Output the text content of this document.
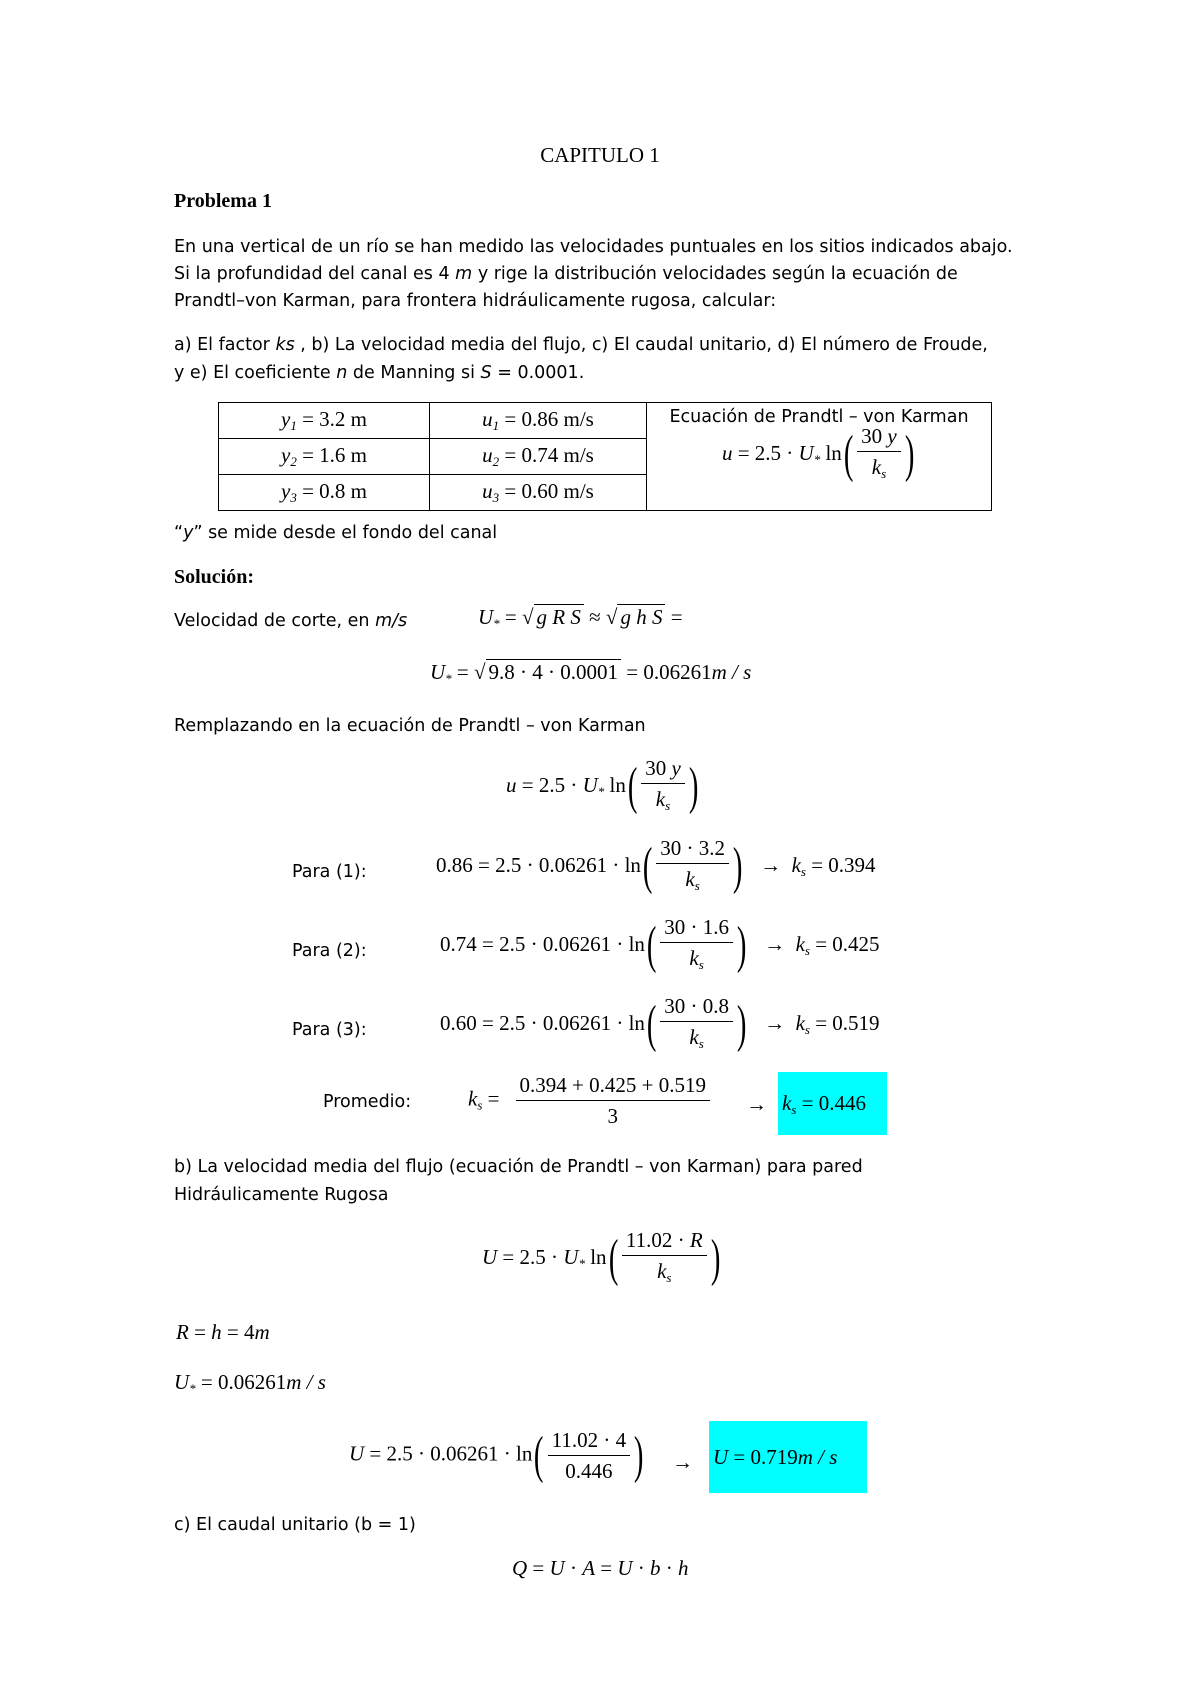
CAPITULO 1
Problema 1
En una vertical de un río se han medido las velocidades puntuales en los sitios indicados abajo.
Si la profundidad del canal es 4 m y rige la distribución velocidades según la ecuación de
Prandtl–von Karman, para frontera hidráulicamente rugosa, calcular:
a) El factor ks , b) La velocidad media del flujo, c) El caudal unitario, d) El número de Froude,
y e) El coeficiente n de Manning si S = 0.0001.
$y_1 = 3.2$ m	$u_1 = 0.86$ m/s	Ecuación de Prandtl – von Karman
$u = 2.5 \cdot U_*$ $\ln( \frac{30 y}{k_s}$ )

$y_2 = 1.6$ m	$u_2 = 0.74$ m/s	
$y_3 = 0.8$ m	$u_3 = 0.60$ m/s	
“y” se mide desde el fondo del canal
Solución:
Velocidad de corte, en m/s	$U_*$ = √ g R S ≈ √ g h S =
$U_*$ = √ 9.8 · 4 · 0.0001 = 0.06261m / s
Remplazando en la ecuación de Prandtl – von Karman
$u = 2.5 \cdot U_*$ $\ln( \frac{30 y}{k_s}$ )
Para (1):	$0.86 = 2.5 \cdot 0.06261 \cdot \ln( \frac{30 \cdot 3.2}{k_s}$ )   →  $k_s = 0.394$
Para (2):	$0.74 = 2.5 \cdot 0.06261 \cdot \ln( \frac{30 \cdot 1.6}{k_s}$ )   →  $k_s = 0.425$
Para (3):	$0.60 = 2.5 \cdot 0.06261 \cdot \ln( \frac{30 \cdot 0.8}{k_s}$ )   →  $k_s = 0.519$
Promedio:	$k_s = \frac{0.394 + 0.425 + 0.519}{3} \to k_s = 0.446$
b) La velocidad media del flujo (ecuación de Prandtl – von Karman) para pared
Hidráulicamente Rugosa
$U = 2.5 \cdot U_*$ $\ln( \frac{11.02 \cdot R}{k_s}$ )
R = h = 4m
$U_* = 0.06261m / s$
$U = 2.5 \cdot 0.06261 \cdot \ln( \frac{11.02 \cdot 4}{0.446}$ ) → U = 0.719m / s
c) El caudal unitario (b = 1)
Q = U · A = U · b · h
